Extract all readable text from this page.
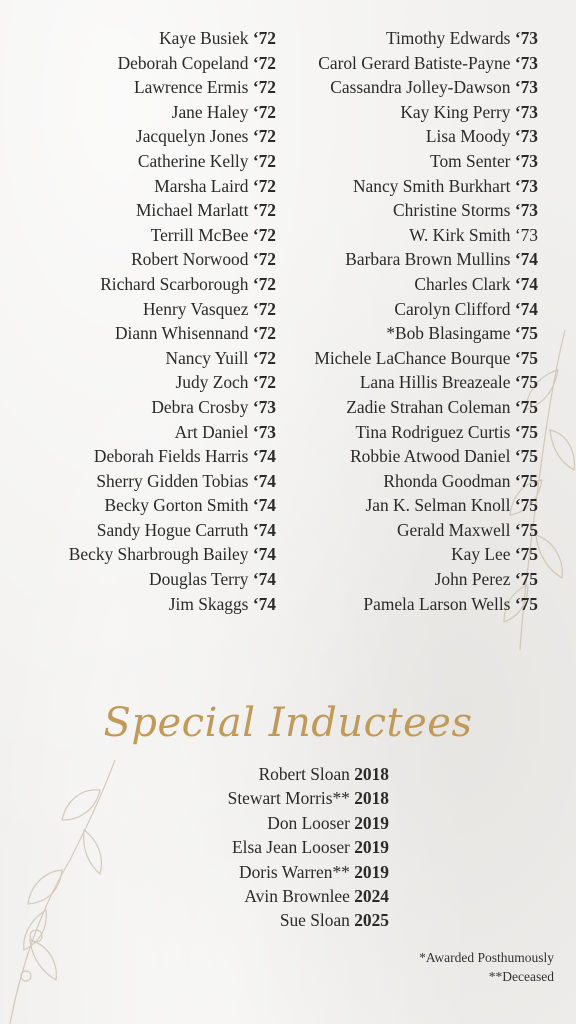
Kaye Busiek ‘72
Deborah Copeland ‘72
Lawrence Ermis ‘72
Jane Haley ‘72
Jacquelyn Jones ‘72
Catherine Kelly ‘72
Marsha Laird ‘72
Michael Marlatt ‘72
Terrill McBee ‘72
Robert Norwood ‘72
Richard Scarborough ‘72
Henry Vasquez ‘72
Diann Whisennand ‘72
Nancy Yuill ‘72
Judy Zoch ‘72
Debra Crosby ‘73
Art Daniel ‘73
Deborah Fields Harris ‘74
Sherry Gidden Tobias ‘74
Becky Gorton Smith ‘74
Sandy Hogue Carruth ‘74
Becky Sharbrough Bailey ‘74
Douglas Terry ‘74
Jim Skaggs ‘74
Timothy Edwards ‘73
Carol Gerard Batiste-Payne ‘73
Cassandra Jolley-Dawson ‘73
Kay King Perry ‘73
Lisa Moody ‘73
Tom Senter ‘73
Nancy Smith Burkhart ‘73
Christine Storms ‘73
W. Kirk Smith ‘73
Barbara Brown Mullins ‘74
Charles Clark ‘74
Carolyn Clifford ‘74
*Bob Blasingame ‘75
Michele LaChance Bourque ‘75
Lana Hillis Breazeale ‘75
Zadie Strahan Coleman ‘75
Tina Rodriguez Curtis ‘75
Robbie Atwood Daniel ‘75
Rhonda Goodman ‘75
Jan K. Selman Knoll ‘75
Gerald Maxwell ‘75
Kay Lee ‘75
John Perez ‘75
Pamela Larson Wells ‘75
Special Inductees
Robert Sloan 2018
Stewart Morris** 2018
Don Looser 2019
Elsa Jean Looser 2019
Doris Warren** 2019
Avin Brownlee 2024
Sue Sloan 2025
*Awarded Posthumously
**Deceased
